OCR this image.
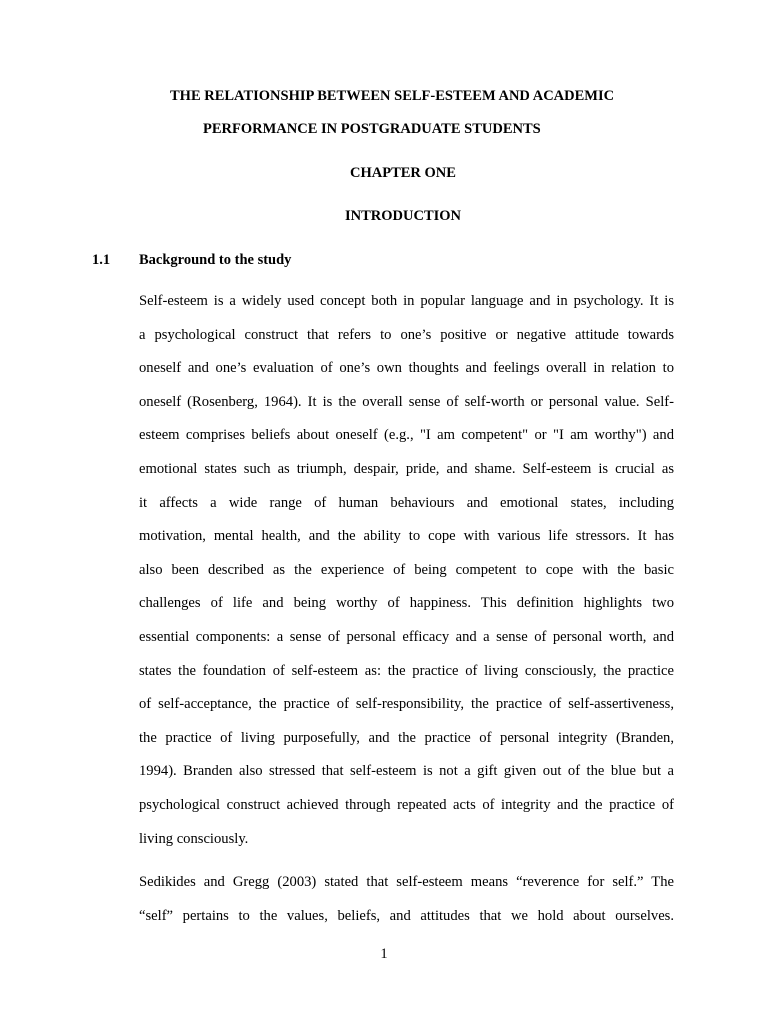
THE RELATIONSHIP BETWEEN SELF-ESTEEM AND ACADEMIC
PERFORMANCE IN POSTGRADUATE STUDENTS
CHAPTER ONE
INTRODUCTION
1.1 Background to the study
Self-esteem is a widely used concept both in popular language and in psychology. It is
a psychological construct that refers to one’s positive or negative attitude towards
oneself and one’s evaluation of one’s own thoughts and feelings overall in relation to
oneself (Rosenberg, 1964). It is the overall sense of self-worth or personal value. Self-
esteem comprises beliefs about oneself (e.g., "I am competent" or "I am worthy") and
emotional states such as triumph, despair, pride, and shame. Self-esteem is crucial as
it affects a wide range of human behaviours and emotional states, including
motivation, mental health, and the ability to cope with various life stressors. It has
also been described as the experience of being competent to cope with the basic
challenges of life and being worthy of happiness. This definition highlights two
essential components: a sense of personal efficacy and a sense of personal worth, and
states the foundation of self-esteem as: the practice of living consciously, the practice
of self-acceptance, the practice of self-responsibility, the practice of self-assertiveness,
the practice of living purposefully, and the practice of personal integrity (Branden,
1994). Branden also stressed that self-esteem is not a gift given out of the blue but a
psychological construct achieved through repeated acts of integrity and the practice of
living consciously.
Sedikides and Gregg (2003) stated that self-esteem means “reverence for self.” The
“self” pertains to the values, beliefs, and attitudes that we hold about ourselves.
1
